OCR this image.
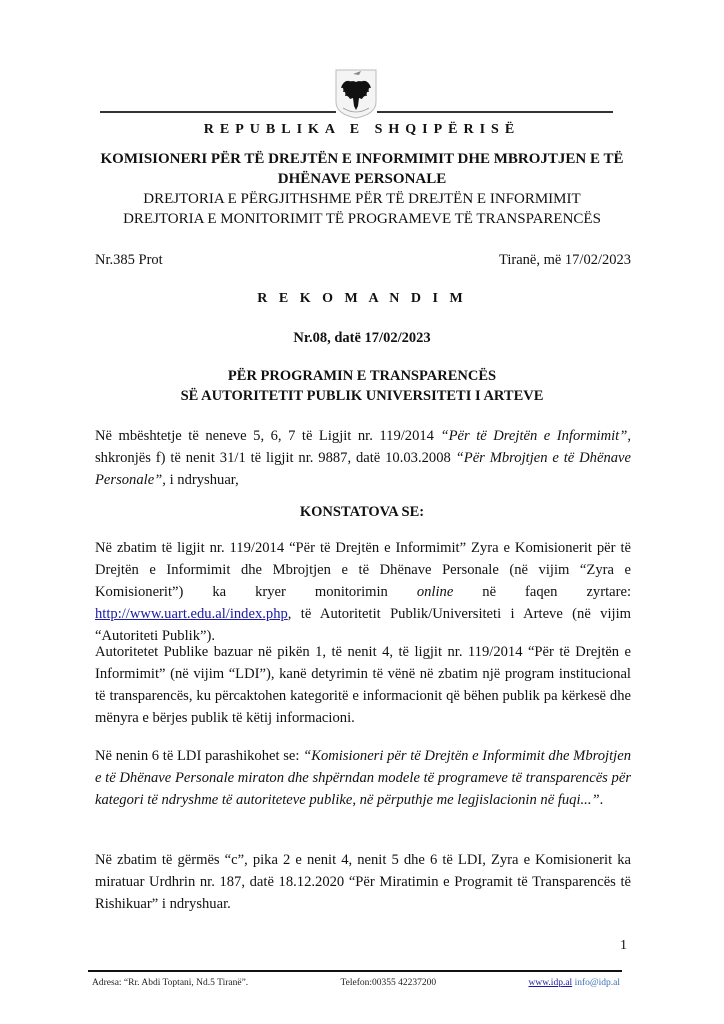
REPUBLIKA E SHQIPËRISË
KOMISIONERI PËR TË DREJTËN E INFORMIMIT DHE MBROJTJEN E TË
DHËNAVE PERSONALE
DREJTORIA E PËRGJITHSHME PËR TË DREJTËN E INFORMIMIT
DREJTORIA E MONITORIMIT TË PROGRAMEVE TË TRANSPARENCËS
Nr.385 Prot	Tiranë, më 17/02/2023
R E K O M A N D I M
Nr.08, datë 17/02/2023
PËR PROGRAMIN E TRANSPARENCËS
SË AUTORITETIT PUBLIK UNIVERSITETI I ARTEVE
Në mbështetje të neneve 5, 6, 7 të Ligjit nr. 119/2014 “Për të Drejtën e Informimit”, shkronjës f) të nenit 31/1 të ligjit nr. 9887, datë 10.03.2008 “Për Mbrojtjen e të Dhënave Personale”, i ndryshuar,
KONSTATOVA SE:
Në zbatim të ligjit nr. 119/2014 “Për të Drejtën e Informimit” Zyra e Komisionerit për të Drejtën e Informimit dhe Mbrojtjen e të Dhënave Personale (në vijim “Zyra e Komisionerit”) ka kryer monitorimin online në faqen zyrtare: http://www.uart.edu.al/index.php, të Autoritetit Publik/Universiteti i Arteve (në vijim “Autoriteti Publik”).
Autoritetet Publike bazuar në pikën 1, të nenit 4, të ligjit nr. 119/2014 “Për të Drejtën e Informimit” (në vijim “LDI”), kanë detyrimin të vënë në zbatim një program institucional të transparencës, ku përcaktohen kategoritë e informacionit që bëhen publik pa kërkesë dhe mënyra e bërjes publik të këtij informacioni.
Në nenin 6 të LDI parashikohet se: “Komisioneri për të Drejtën e Informimit dhe Mbrojtjen e të Dhënave Personale miraton dhe shpërndan modele të programeve të transparencës për kategori të ndryshme të autoriteteve publike, në përputhje me legjislacionin në fuqi...”.
Në zbatim të gërmës “c”, pika 2 e nenit 4, nenit 5 dhe 6 të LDI, Zyra e Komisionerit ka miratuar Urdhrin nr. 187, datë 18.12.2020 “Për Miratimin e Programit të Transparencës të Rishikuar” i ndryshuar.
1
Adresa: “Rr. Abdi Toptani, Nd.5 Tiranë”.	Telefon:00355 42237200	www.idp.al info@idp.al
